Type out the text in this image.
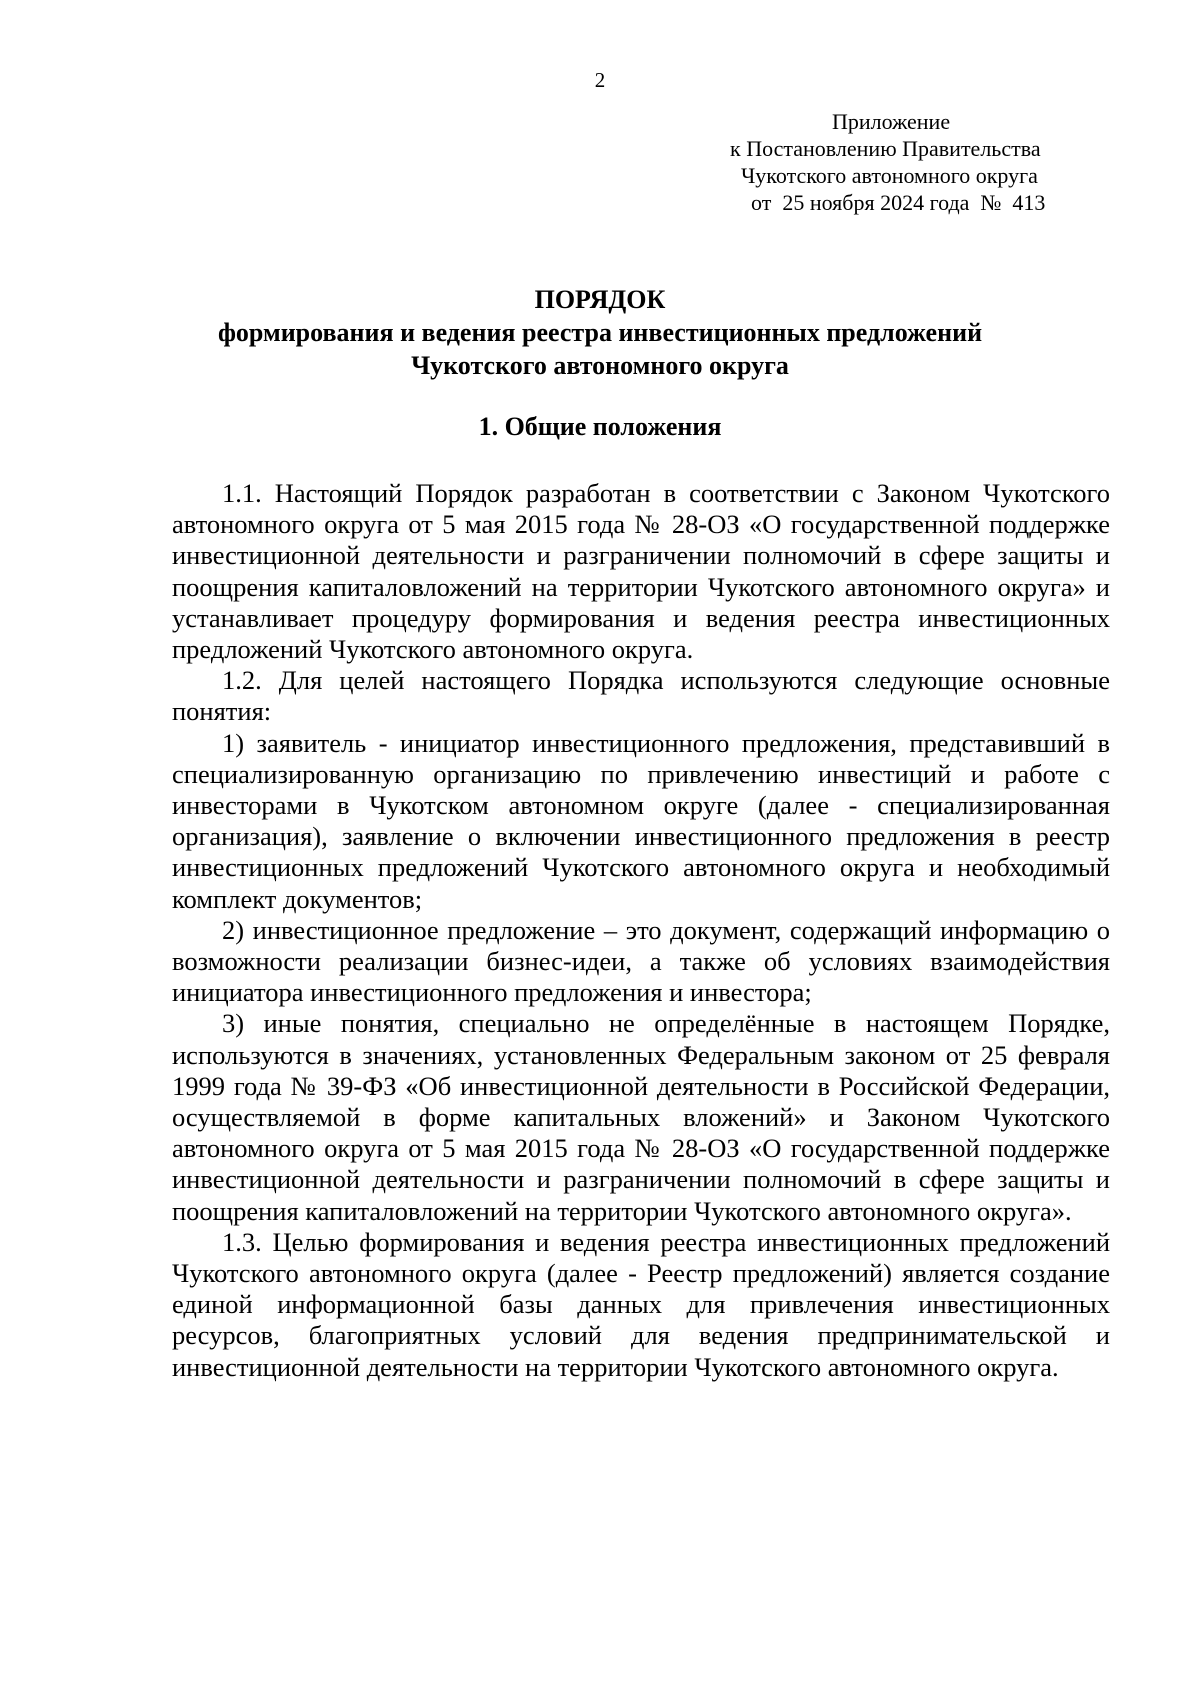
2
Приложение
к Постановлению Правительства
Чукотского автономного округа
от  25 ноября 2024 года  №  413
ПОРЯДОК
формирования и ведения реестра инвестиционных предложений
Чукотского автономного округа
1. Общие положения

1.1. Настоящий Порядок разработан в соответствии с Законом Чукотского автономного округа от 5 мая 2015 года № 28-ОЗ «О государственной поддержке инвестиционной деятельности и разграничении полномочий в сфере защиты и поощрения капиталовложений на территории Чукотского автономного округа» и устанавливает процедуру формирования и ведения реестра инвестиционных предложений Чукотского автономного округа.

1.2. Для целей настоящего Порядка используются следующие основные понятия:

1) заявитель - инициатор инвестиционного предложения, представивший в специализированную организацию по привлечению инвестиций и работе с инвесторами в Чукотском автономном округе (далее - специализированная организация), заявление о включении инвестиционного предложения в реестр инвестиционных предложений Чукотского автономного округа и необходимый комплект документов;

2) инвестиционное предложение – это документ, содержащий информацию о возможности реализации бизнес-идеи, а также об условиях взаимодействия инициатора инвестиционного предложения и инвестора;

3) иные понятия, специально не определённые в настоящем Порядке, используются в значениях, установленных Федеральным законом от 25 февраля 1999 года № 39-ФЗ «Об инвестиционной деятельности в Российской Федерации, осуществляемой в форме капитальных вложений» и Законом Чукотского автономного округа от 5 мая 2015 года № 28-ОЗ «О государственной поддержке инвестиционной деятельности и разграничении полномочий в сфере защиты и поощрения капиталовложений на территории Чукотского автономного округа».

1.3. Целью формирования и ведения реестра инвестиционных предложений Чукотского автономного округа (далее - Реестр предложений) является создание единой информационной базы данных для привлечения инвестиционных ресурсов, благоприятных условий для ведения предпринимательской и инвестиционной деятельности на территории Чукотского автономного округа.
